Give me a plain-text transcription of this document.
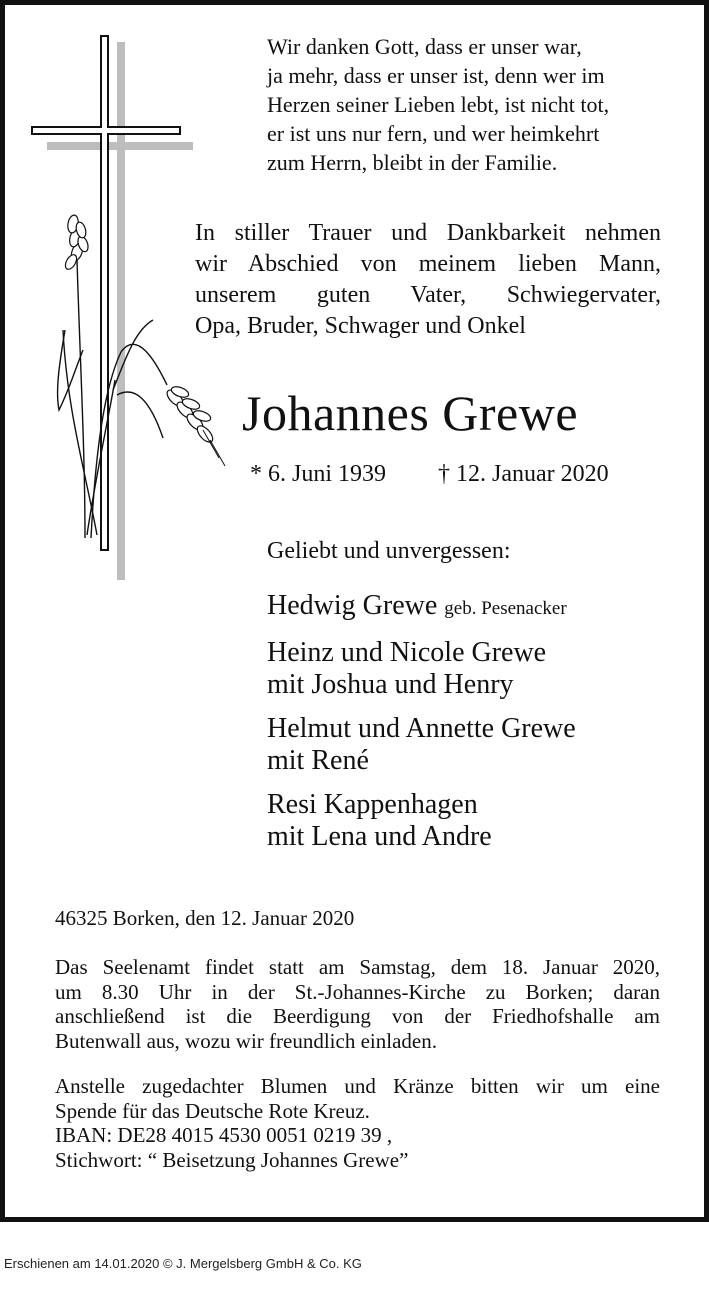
Wir danken Gott, dass er unser war,
ja mehr, dass er unser ist, denn wer im
Herzen seiner Lieben lebt, ist nicht tot,
er ist uns nur fern, und wer heimkehrt
zum Herrn, bleibt in der Familie.
In stiller Trauer und Dankbarkeit nehmen
wir Abschied von meinem lieben Mann,
unserem guten Vater, Schwiegervater,
Opa, Bruder, Schwager und Onkel
Johannes Grewe
* 6. Juni 1939 † 12. Januar 2020
Geliebt und unvergessen:
Hedwig Grewe geb. Pesenacker
Heinz und Nicole Grewe
mit Joshua und Henry
Helmut und Annette Grewe
mit René
Resi Kappenhagen
mit Lena und Andre
46325 Borken, den 12. Januar 2020
Das Seelenamt findet statt am Samstag, dem 18. Januar 2020,
um 8.30 Uhr in der St.-Johannes-Kirche zu Borken; daran
anschließend ist die Beerdigung von der Friedhofshalle am
Butenwall aus, wozu wir freundlich einladen.
Anstelle zugedachter Blumen und Kränze bitten wir um eine
Spende für das Deutsche Rote Kreuz.
IBAN: DE28 4015 4530 0051 0219 39 ,
Stichwort: “ Beisetzung Johannes Grewe”
Erschienen am 14.01.2020 © J. Mergelsberg GmbH & Co. KG
